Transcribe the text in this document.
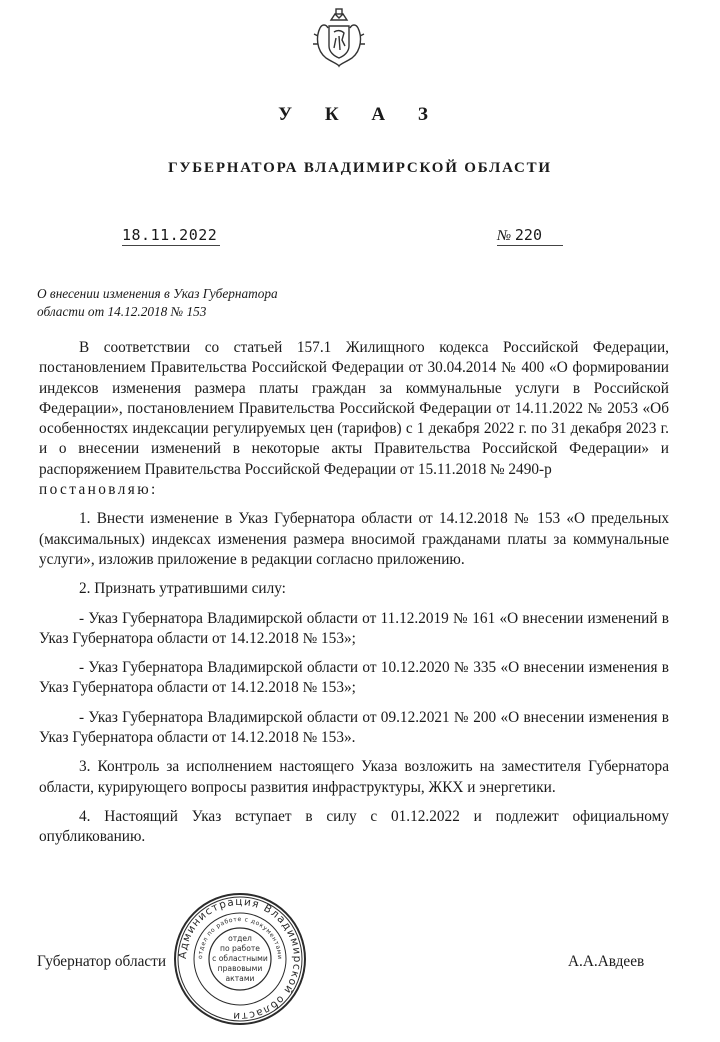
У К А З
ГУБЕРНАТОРА ВЛАДИМИРСКОЙ ОБЛАСТИ
18.11.2022	№ 220
О внесении изменения в Указ Губернатора
области от 14.12.2018 № 153

В соответствии со статьей 157.1 Жилищного кодекса Российской Федерации, постановлением Правительства Российской Федерации от 30.04.2014 № 400 «О формировании индексов изменения размера платы граждан за коммунальные услуги в Российской Федерации», постановлением Правительства Российской Федерации от 14.11.2022 № 2053 «Об особенностях индексации регулируемых цен (тарифов) с 1 декабря 2022 г. по 31 декабря 2023 г. и о внесении изменений в некоторые акты Правительства Российской Федерации» и распоряжением Правительства Российской Федерации от 15.11.2018 № 2490-р

постановляю:

1. Внести изменение в Указ Губернатора области от 14.12.2018 № 153 «О предельных (максимальных) индексах изменения размера вносимой гражданами платы за коммунальные услуги», изложив приложение в редакции согласно приложению.

2. Признать утратившими силу:

- Указ Губернатора Владимирской области от 11.12.2019 № 161 «О внесении изменений в Указ Губернатора области от 14.12.2018 № 153»;

- Указ Губернатора Владимирской области от 10.12.2020 № 335 «О внесении изменения в Указ Губернатора области от 14.12.2018 № 153»;

- Указ Губернатора Владимирской области от 09.12.2021 № 200 «О внесении изменения в Указ Губернатора области от 14.12.2018 № 153».

3. Контроль за исполнением настоящего Указа возложить на заместителя Губернатора области, курирующего вопросы развития инфраструктуры, ЖКХ и энергетики.

4. Настоящий Указ вступает в силу с 01.12.2022 и подлежит официальному опубликованию.

Губернатор области	А.А.Авдеев
Администрация Владимирской области
отдел по работе с документами
отдел
по работе
с областными
правовыми
актами
